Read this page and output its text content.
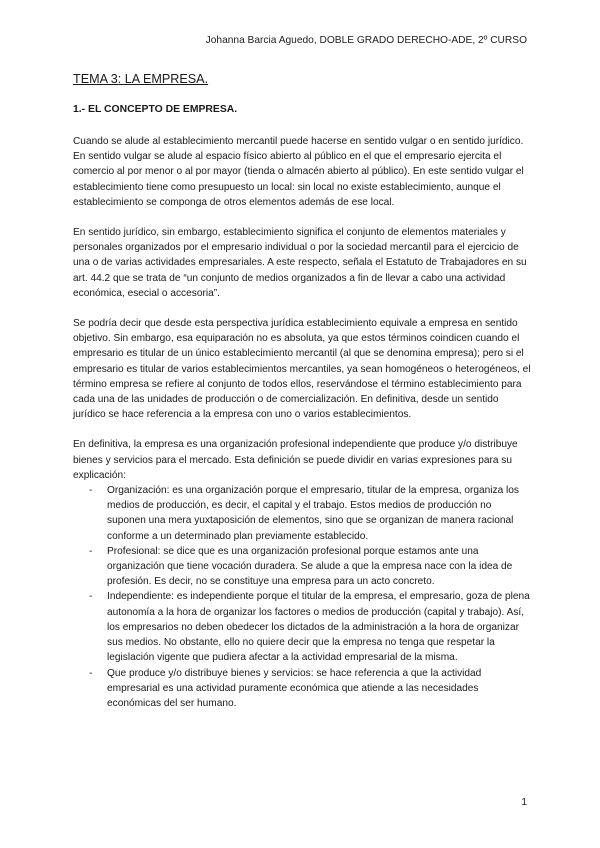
Johanna Barcia Aguedo, DOBLE GRADO DERECHO-ADE, 2º CURSO
TEMA 3: LA EMPRESA.
1.- EL CONCEPTO DE EMPRESA.

Cuando se alude al establecimiento mercantil puede hacerse en sentido vulgar o en sentido jurídico. En sentido vulgar se alude al espacio físico abierto al público en el que el empresario ejercita el comercio al por menor o al por mayor (tienda o almacén abierto al público). En este sentido vulgar el establecimiento tiene como presupuesto un local: sin local no existe establecimiento, aunque el establecimiento se componga de otros elementos además de ese local.

En sentido jurídico, sin embargo, establecimiento significa el conjunto de elementos materiales y personales organizados por el empresario individual o por la sociedad mercantil para el ejercicio de una o de varias actividades empresariales. A este respecto, señala el Estatuto de Trabajadores en su art. 44.2 que se trata de “un conjunto de medios organizados a fin de llevar a cabo una actividad económica, esecial o accesoria”.

Se podría decir que desde esta perspectiva jurídica establecimiento equivale a empresa en sentido objetivo. Sin embargo, esa equiparación no es absoluta, ya que estos términos coindicen cuando el empresario es titular de un único establecimiento mercantil (al que se denomina empresa); pero si el empresario es titular de varios establecimientos mercantiles, ya sean homogéneos o heterogéneos, el término empresa se refiere al conjunto de todos ellos, reservándose el término establecimiento para cada una de las unidades de producción o de comercialización. En definitiva, desde un sentido jurídico se hace referencia a la empresa con uno o varios establecimientos.

En definitiva, la empresa es una organización profesional independiente que produce y/o distribuye bienes y servicios para el mercado. Esta definición se puede dividir en varias expresiones para su explicación:

- Organización: es una organización porque el empresario, titular de la empresa, organiza los medios de producción, es decir, el capital y el trabajo. Estos medios de producción no suponen una mera yuxtaposición de elementos, sino que se organizan de manera racional conforme a un determinado plan previamente establecido.
- Profesional: se dice que es una organización profesional porque estamos ante una organización que tiene vocación duradera. Se alude a que la empresa nace con la idea de profesión. Es decir, no se constituye una empresa para un acto concreto.
- Independiente: es independiente porque el titular de la empresa, el empresario, goza de plena autonomía a la hora de organizar los factores o medios de producción (capital y trabajo). Así, los empresarios no deben obedecer los dictados de la administración a la hora de organizar sus medios. No obstante, ello no quiere decir que la empresa no tenga que respetar la legislación vigente que pudiera afectar a la actividad empresarial de la misma.
- Que produce y/o distribuye bienes y servicios: se hace referencia a que la actividad empresarial es una actividad puramente económica que atiende a las necesidades económicas del ser humano.
1
